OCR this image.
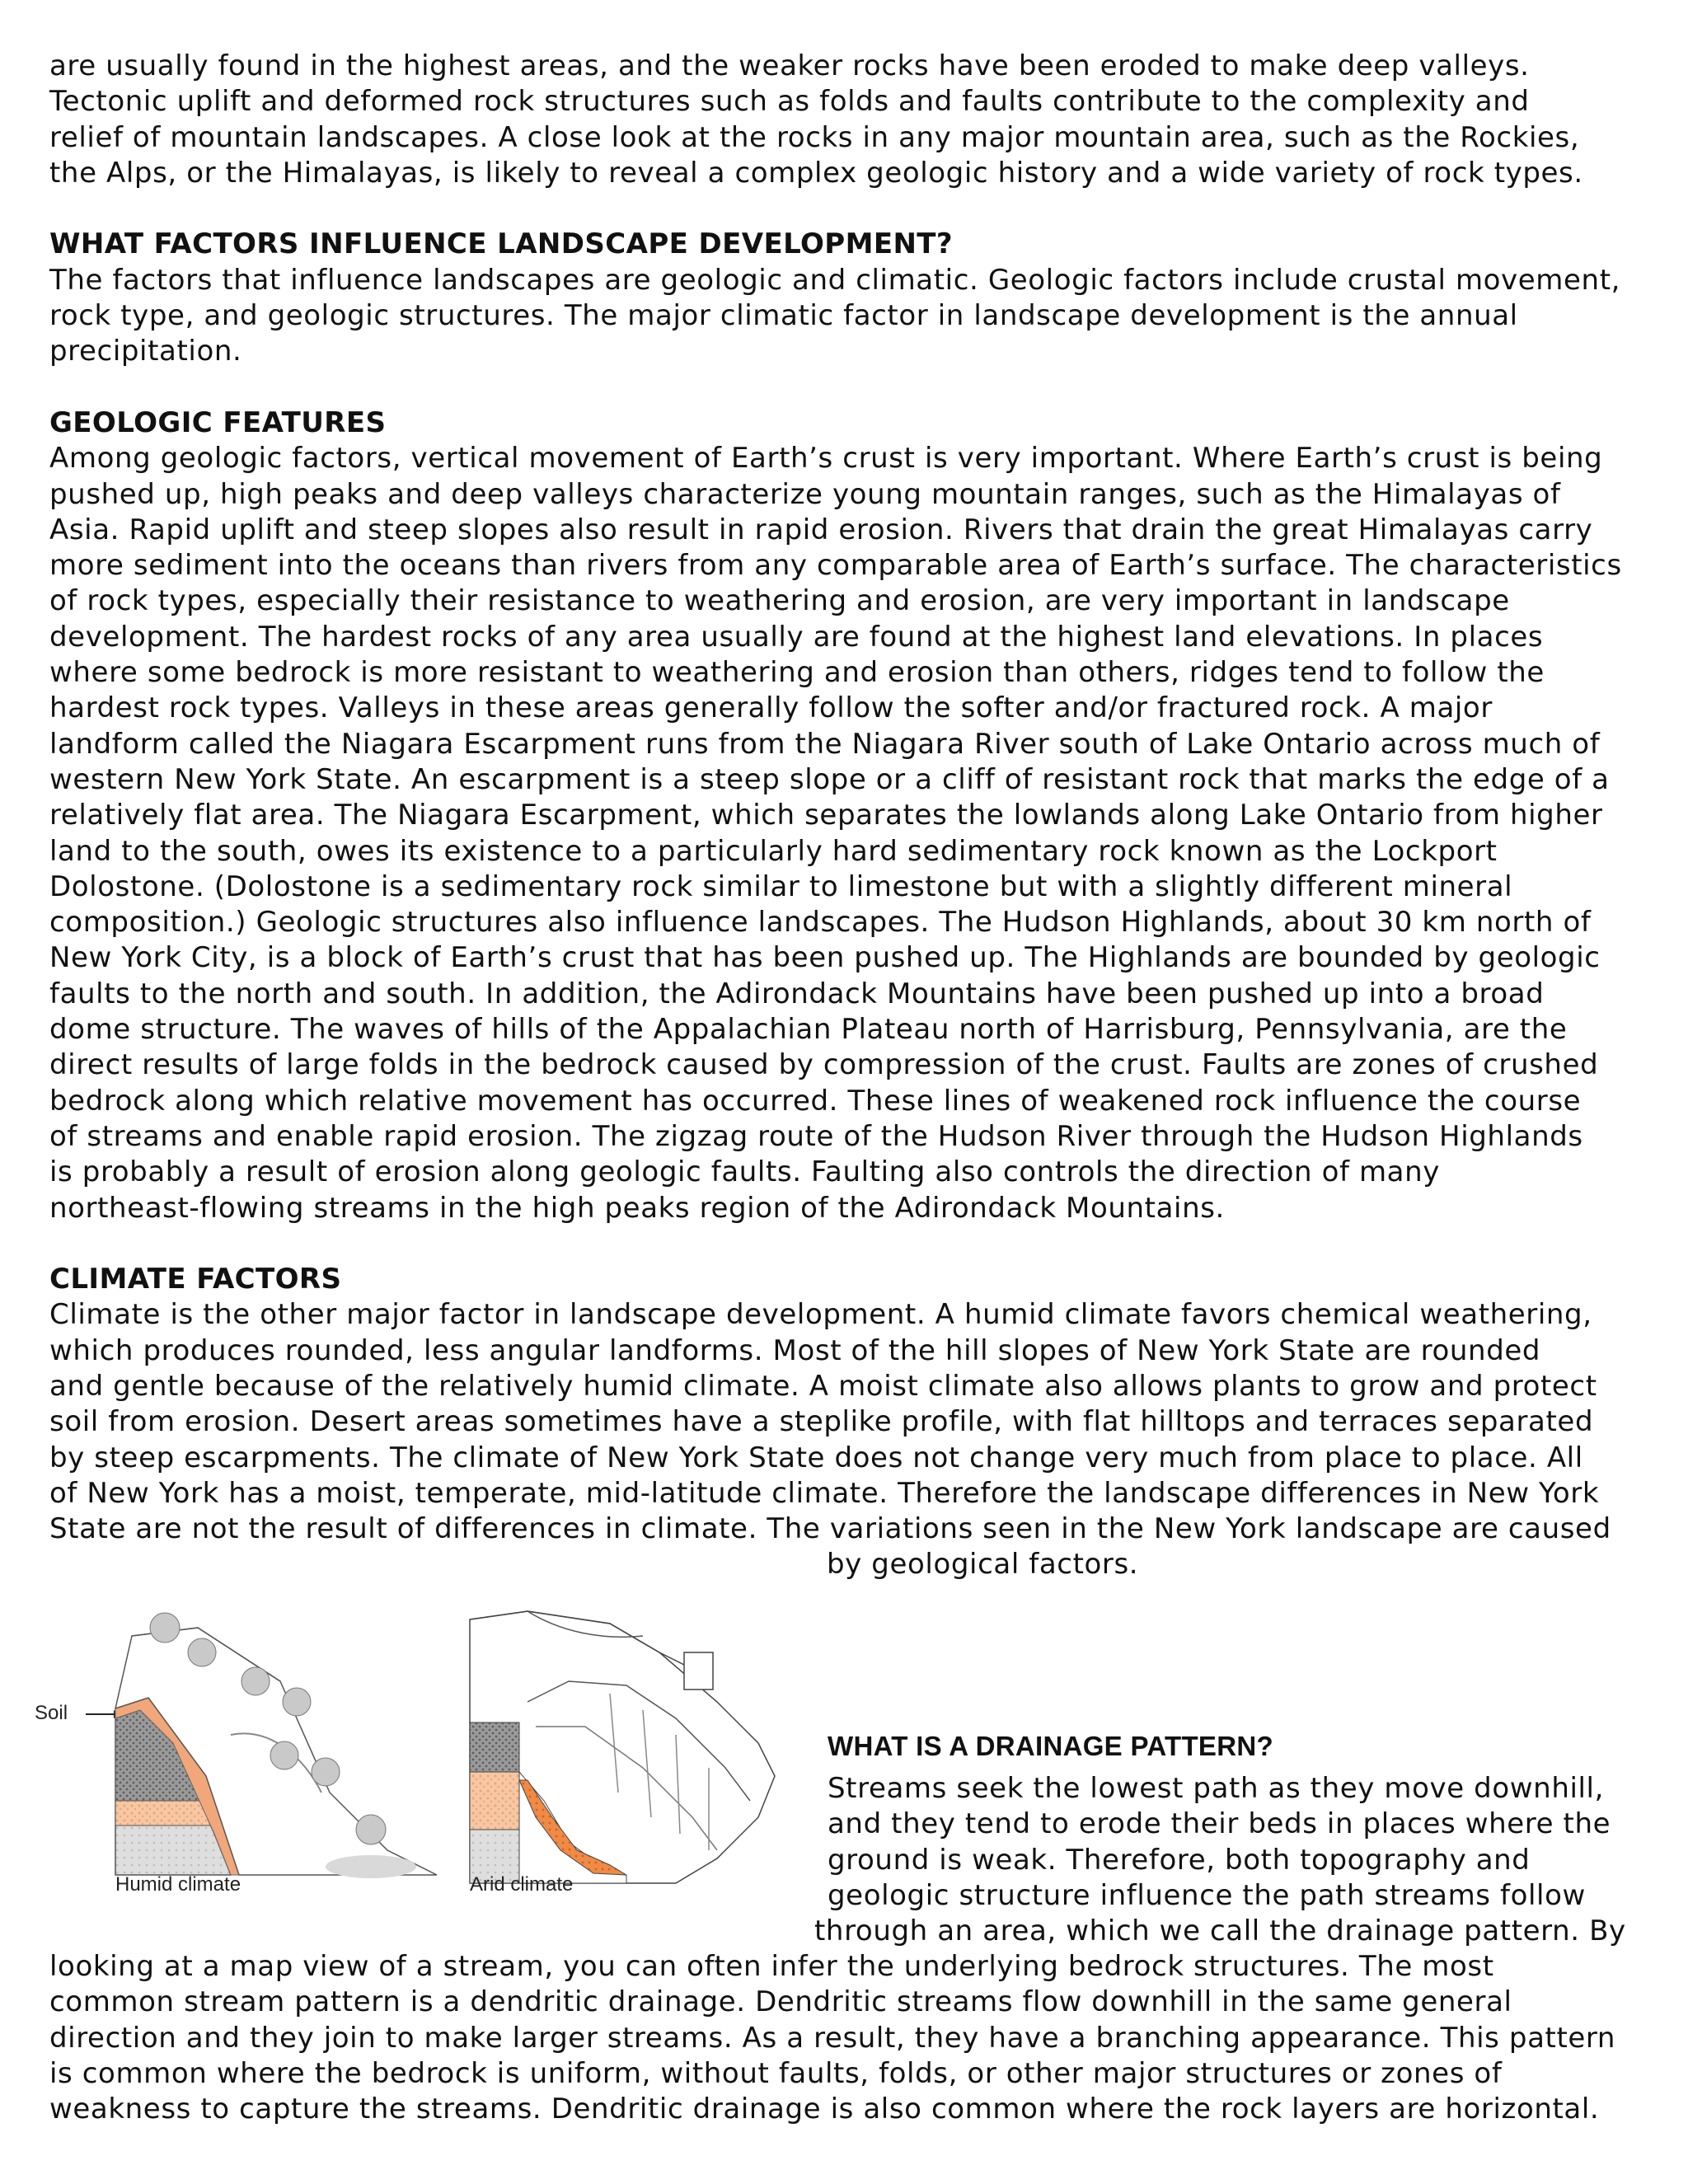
are usually found in the highest areas, and the weaker rocks have been eroded to make deep valleys.
Tectonic uplift and deformed rock structures such as folds and faults contribute to the complexity and
relief of mountain landscapes. A close look at the rocks in any major mountain area, such as the Rockies,
the Alps, or the Himalayas, is likely to reveal a complex geologic history and a wide variety of rock types.
WHAT FACTORS INFLUENCE LANDSCAPE DEVELOPMENT?
The factors that influence landscapes are geologic and climatic. Geologic factors include crustal movement,
rock type, and geologic structures. The major climatic factor in landscape development is the annual
precipitation.
GEOLOGIC FEATURES
Among geologic factors, vertical movement of Earth’s crust is very important. Where Earth’s crust is being
pushed up, high peaks and deep valleys characterize young mountain ranges, such as the Himalayas of
Asia. Rapid uplift and steep slopes also result in rapid erosion. Rivers that drain the great Himalayas carry
more sediment into the oceans than rivers from any comparable area of Earth’s surface. The characteristics
of rock types, especially their resistance to weathering and erosion, are very important in landscape
development. The hardest rocks of any area usually are found at the highest land elevations. In places
where some bedrock is more resistant to weathering and erosion than others, ridges tend to follow the
hardest rock types. Valleys in these areas generally follow the softer and/or fractured rock. A major
landform called the Niagara Escarpment runs from the Niagara River south of Lake Ontario across much of
western New York State. An escarpment is a steep slope or a cliff of resistant rock that marks the edge of a
relatively flat area. The Niagara Escarpment, which separates the lowlands along Lake Ontario from higher
land to the south, owes its existence to a particularly hard sedimentary rock known as the Lockport
Dolostone. (Dolostone is a sedimentary rock similar to limestone but with a slightly different mineral
composition.) Geologic structures also influence landscapes. The Hudson Highlands, about 30 km north of
New York City, is a block of Earth’s crust that has been pushed up. The Highlands are bounded by geologic
faults to the north and south. In addition, the Adirondack Mountains have been pushed up into a broad
dome structure. The waves of hills of the Appalachian Plateau north of Harrisburg, Pennsylvania, are the
direct results of large folds in the bedrock caused by compression of the crust. Faults are zones of crushed
bedrock along which relative movement has occurred. These lines of weakened rock influence the course
of streams and enable rapid erosion. The zigzag route of the Hudson River through the Hudson Highlands
is probably a result of erosion along geologic faults. Faulting also controls the direction of many
northeast-flowing streams in the high peaks region of the Adirondack Mountains.
CLIMATE FACTORS
Climate is the other major factor in landscape development. A humid climate favors chemical weathering,
which produces rounded, less angular landforms. Most of the hill slopes of New York State are rounded
and gentle because of the relatively humid climate. A moist climate also allows plants to grow and protect
soil from erosion. Desert areas sometimes have a steplike profile, with flat hilltops and terraces separated
by steep escarpments. The climate of New York State does not change very much from place to place. All
of New York has a moist, temperate, mid-latitude climate. Therefore the landscape differences in New York
State are not the result of differences in climate. The variations seen in the New York landscape are caused
by geological factors.
Soil
Humid climate	Arid climate
WHAT IS A DRAINAGE PATTERN?
Streams seek the lowest path as they move downhill,
and they tend to erode their beds in places where the
ground is weak. Therefore, both topography and
geologic structure influence the path streams follow
through an area, which we call the drainage pattern. By
looking at a map view of a stream, you can often infer the underlying bedrock structures. The most
common stream pattern is a dendritic drainage. Dendritic streams flow downhill in the same general
direction and they join to make larger streams. As a result, they have a branching appearance. This pattern
is common where the bedrock is uniform, without faults, folds, or other major structures or zones of
weakness to capture the streams. Dendritic drainage is also common where the rock layers are horizontal.
